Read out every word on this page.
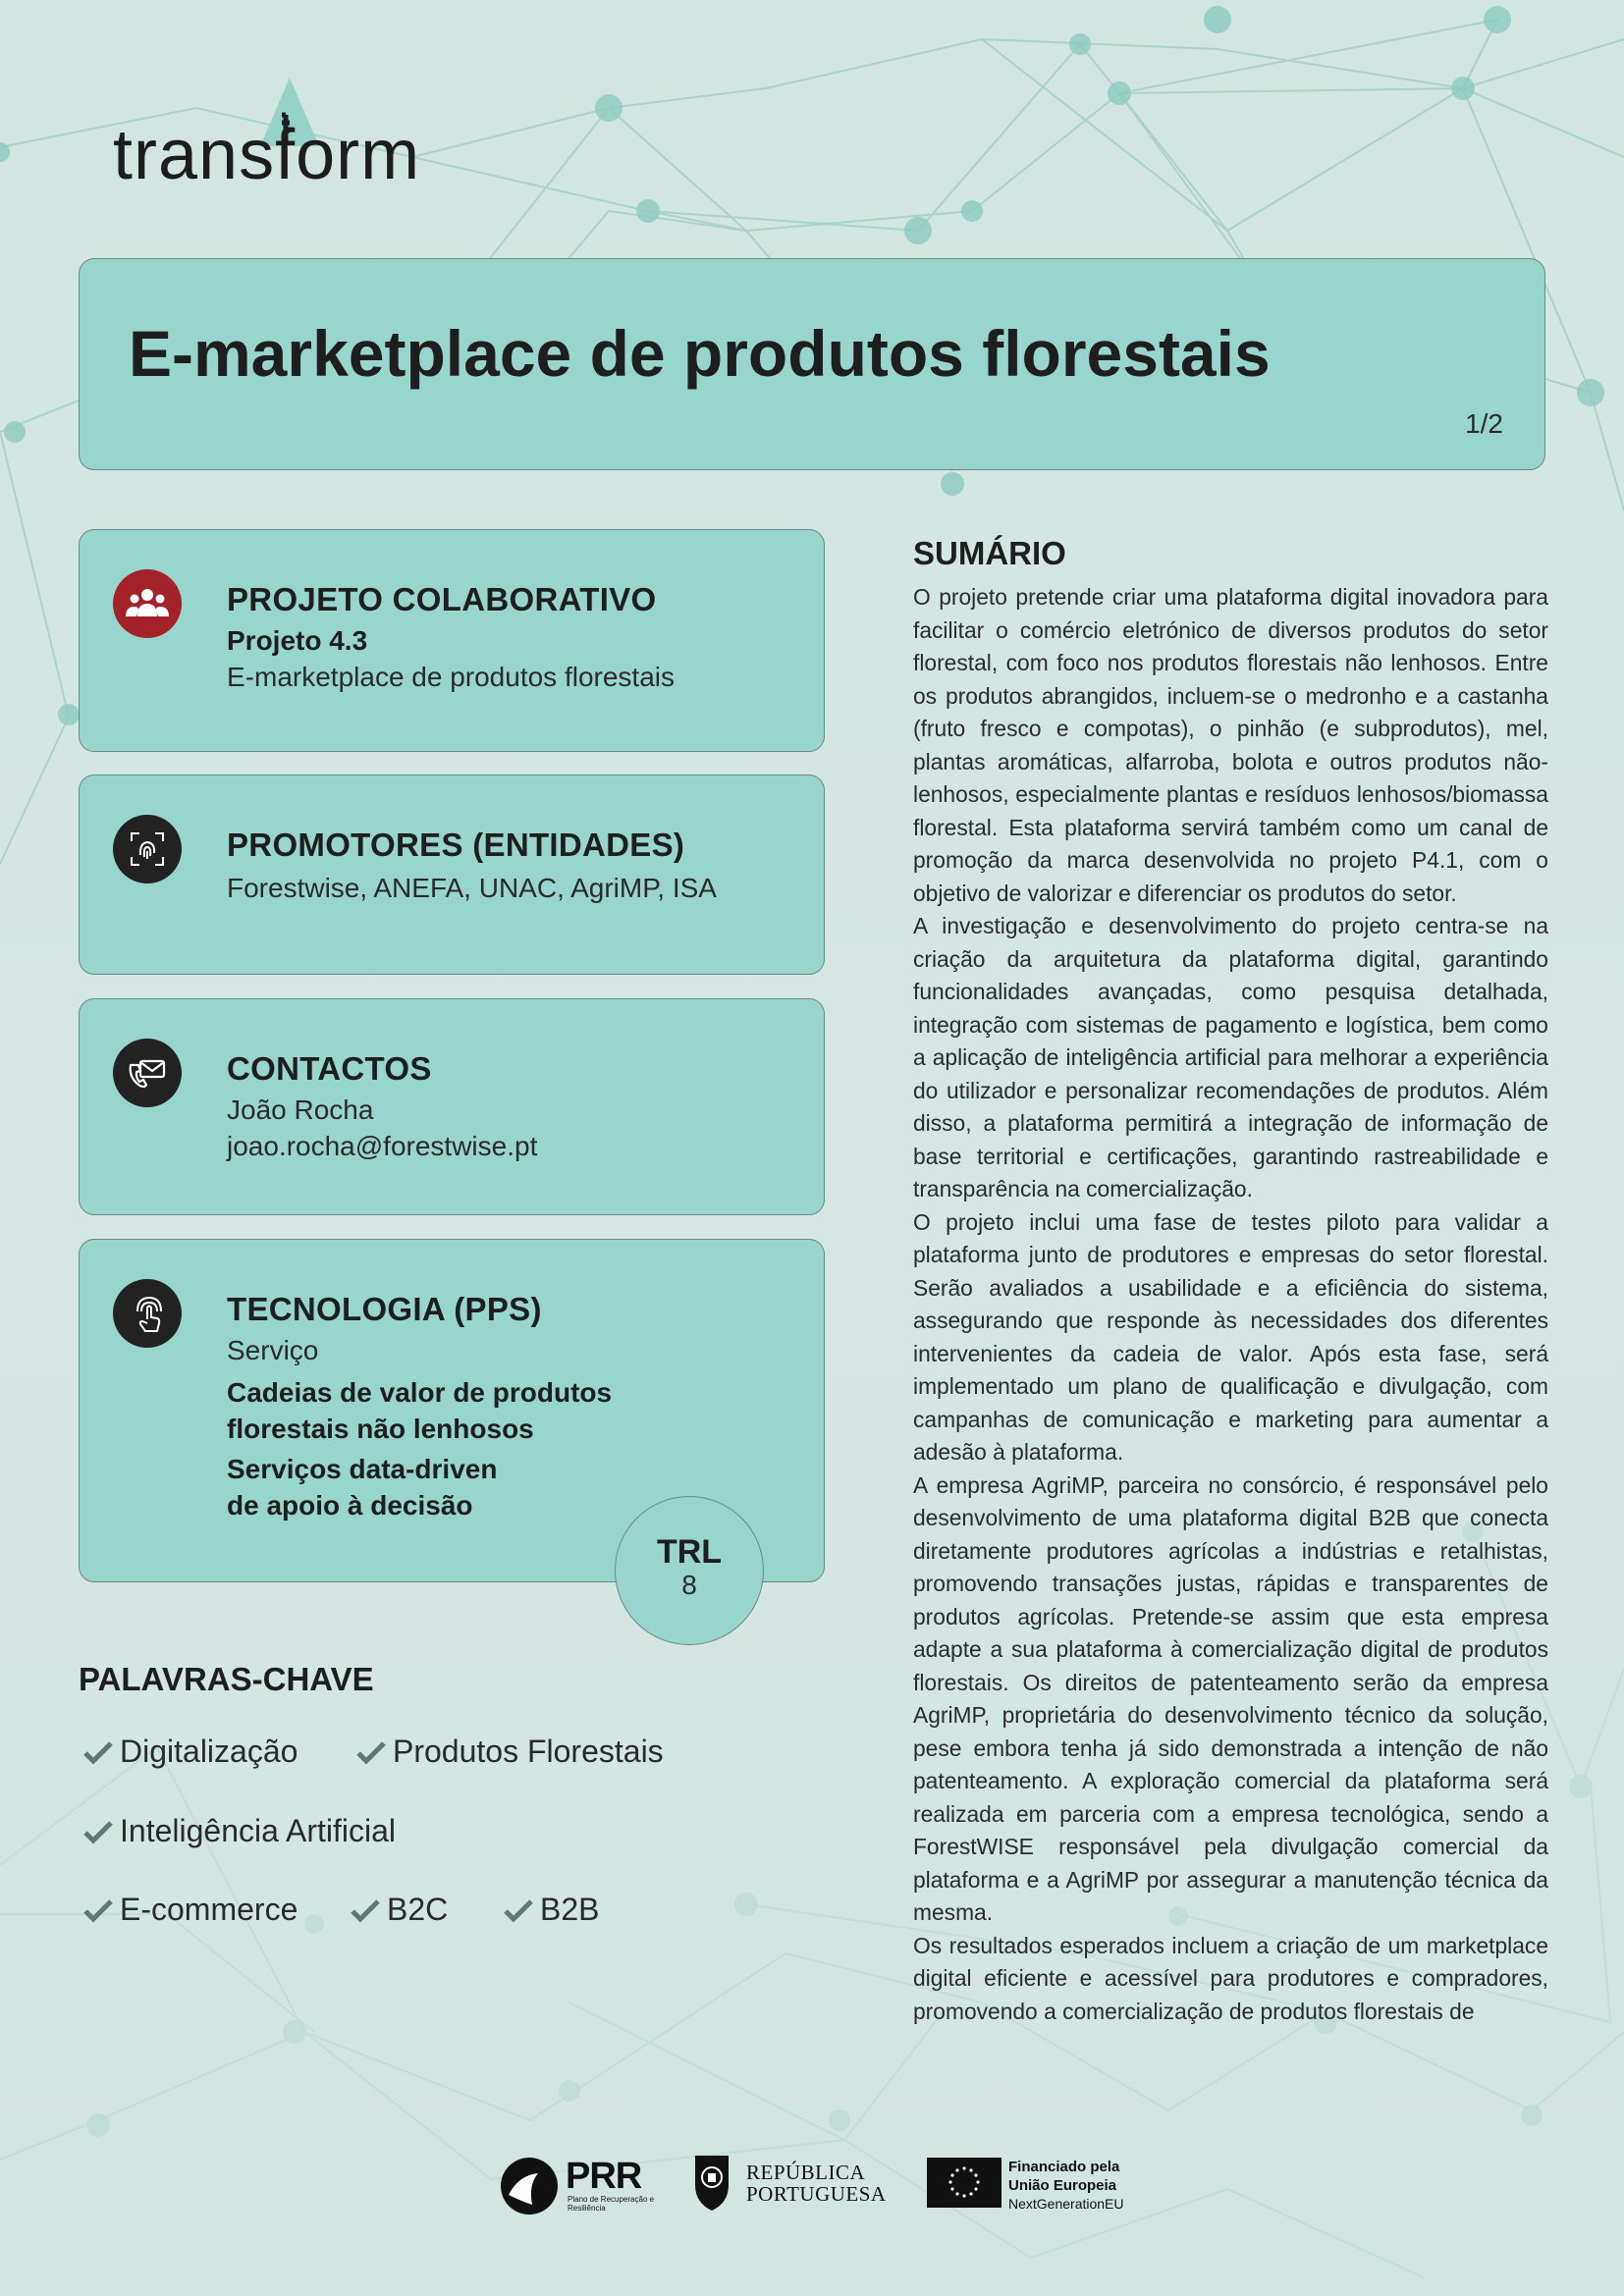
transform
E-marketplace de produtos florestais
1/2
PROJETO COLABORATIVO
Projeto 4.3
E-marketplace de produtos florestais
PROMOTORES (ENTIDADES)
Forestwise, ANEFA, UNAC, AgriMP, ISA
CONTACTOS
João Rocha
joao.rocha@forestwise.pt
TECNOLOGIA (PPS)
Serviço
Cadeias de valor de produtos
florestais não lenhosos
Serviços data-driven
de apoio à decisão
TRL
8
PALAVRAS-CHAVE
Digitalização	Produtos Florestais
Inteligência Artificial
E-commerce	B2C	B2B
SUMÁRIO

O projeto pretende criar uma plataforma digital inovadora para facilitar o comércio eletrónico de diversos produtos do setor florestal, com foco nos produtos florestais não lenhosos. Entre os produtos abrangidos, incluem-se o medronho e a castanha (fruto fresco e compotas), o pinhão (e subprodutos), mel, plantas aromáticas, alfarroba, bolota e outros produtos não-lenhosos, especialmente plantas e resíduos lenhosos/biomassa florestal. Esta plataforma servirá também como um canal de promoção da marca desenvolvida no projeto P4.1, com o objetivo de valorizar e diferenciar os produtos do setor.

A investigação e desenvolvimento do projeto centra-se na criação da arquitetura da plataforma digital, garantindo funcionalidades avançadas, como pesquisa detalhada, integração com sistemas de pagamento e logística, bem como a aplicação de inteligência artificial para melhorar a experiência do utilizador e personalizar recomendações de produtos. Além disso, a plataforma permitirá a integração de informação de base territorial e certificações, garantindo rastreabilidade e transparência na comercialização.

O projeto inclui uma fase de testes piloto para validar a plataforma junto de produtores e empresas do setor florestal. Serão avaliados a usabilidade e a eficiência do sistema, assegurando que responde às necessidades dos diferentes intervenientes da cadeia de valor. Após esta fase, será implementado um plano de qualificação e divulgação, com campanhas de comunicação e marketing para aumentar a adesão à plataforma.

A empresa AgriMP, parceira no consórcio, é responsável pelo desenvolvimento de uma plataforma digital B2B que conecta diretamente produtores agrícolas a indústrias e retalhistas, promovendo transações justas, rápidas e transparentes de produtos agrícolas. Pretende-se assim que esta empresa adapte a sua plataforma à comercialização digital de produtos florestais. Os direitos de patenteamento serão da empresa AgriMP, proprietária do desenvolvimento técnico da solução, pese embora tenha já sido demonstrada a intenção de não patenteamento. A exploração comercial da plataforma será realizada em parceria com a empresa tecnológica, sendo a ForestWISE responsável pela divulgação comercial da plataforma e a AgriMP por assegurar a manutenção técnica da mesma.

Os resultados esperados incluem a criação de um marketplace digital eficiente e acessível para produtores e compradores, promovendo a comercialização de produtos florestais de

PRR
Plano de Recuperação e Resiliência
REPÚBLICA
PORTUGUESA
Financiado pela
União Europeia
NextGenerationEU
